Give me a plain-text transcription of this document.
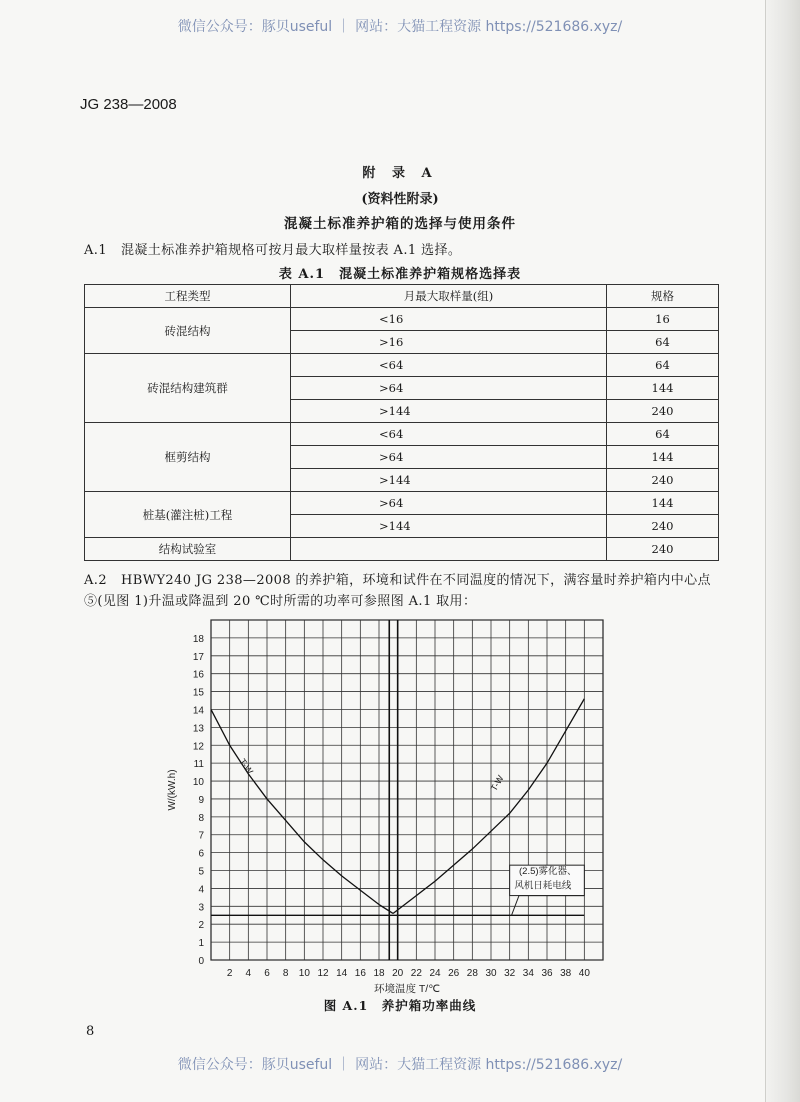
微信公众号：豚贝useful ｜ 网站：大猫工程资源 https://521686.xyz/
JG 238—2008
附 录 A
(资料性附录)
混凝土标准养护箱的选择与使用条件
A.1 混凝土标准养护箱规格可按月最大取样量按表 A.1 选择。
表 A.1　混凝土标准养护箱规格选择表
工程类型	月最大取样量(组)	规格
砖混结构	<16	16
	>16	64
砖混结构建筑群	<64	64
	>64	144
	>144	240
框剪结构	<64	64
	>64	144
	>144	240
桩基(灌注桩)工程	>64	144
	>144	240
结构试验室		240
A.2 HBWY240 JG 238—2008 的养护箱，环境和试件在不同温度的情况下，满容量时养护箱内中心点⑤(见图 1)升温或降温到 20 ℃时所需的功率可参照图 A.1 取用：
2 4 6 8 10 12 14 16 18 20 22 24 26 28 30 32 34 36 38 40
0
1
2
3
4
5
6
7
8
9
10
11
12
13
14
15
16
17
18
环境温度 T/℃
W/(kW.h)
T-W
T-W
(2.5)雾化器、
风机日耗电线
图 A.1　养护箱功率曲线
8
微信公众号：豚贝useful ｜ 网站：大猫工程资源 https://521686.xyz/
